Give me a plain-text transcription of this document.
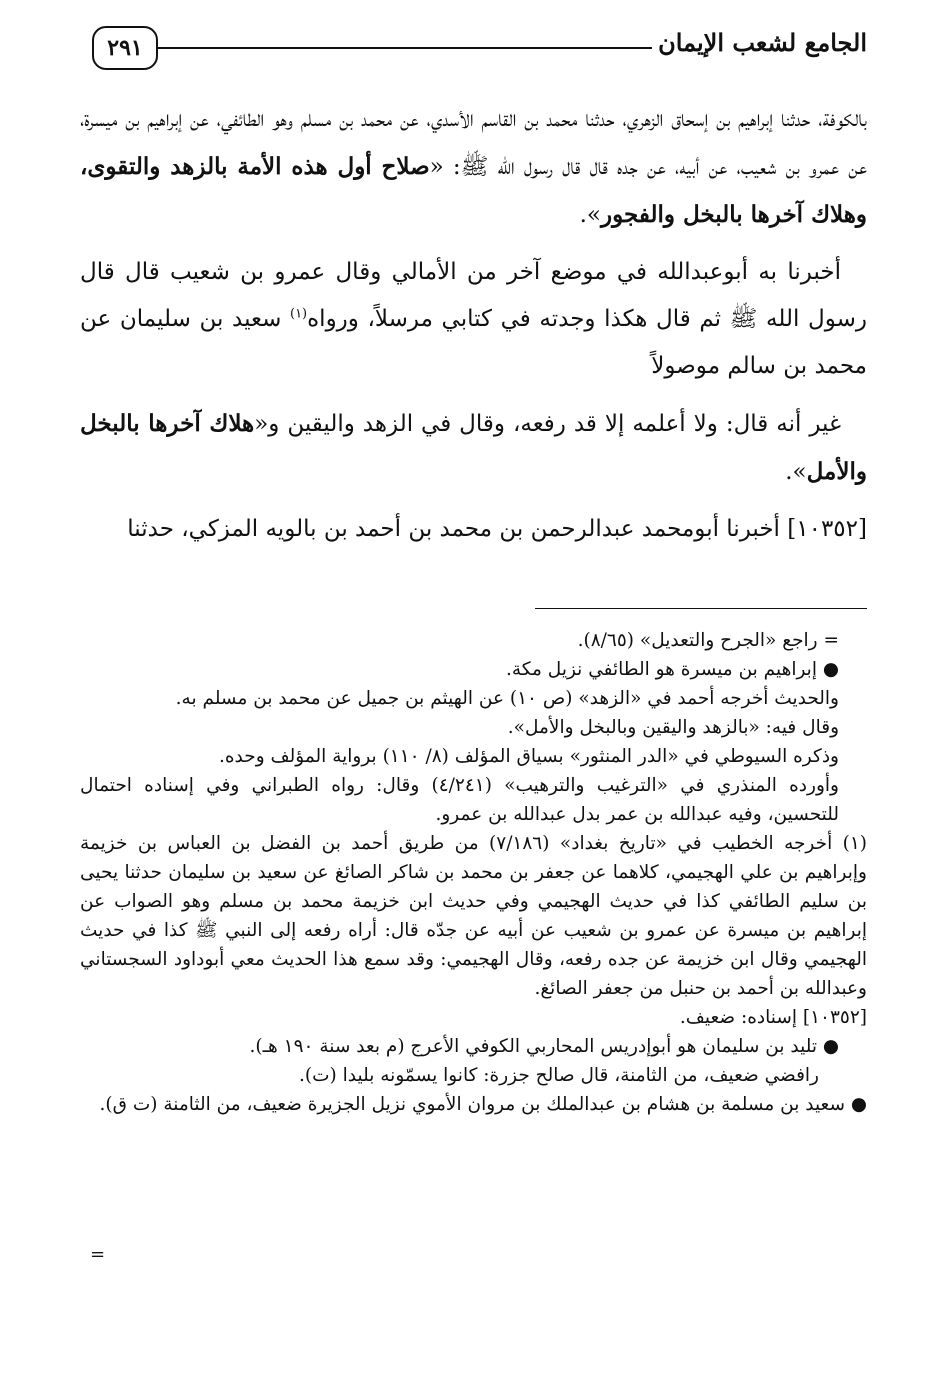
٢٩١	الجامع لشعب الإيمان

بالكوفة، حدثنا إبراهيم بن إسحاق الزهري، حدثنا محمد بن القاسم الأسدي، عن محمد بن مسلم وهو الطائفي، عن إبراهيم بن ميسرة، عن عمرو بن شعيب، عن أبيه، عن جده قال قال رسول الله ﷺ: «صلاح أول هذه الأمة بالزهد والتقوى، وهلاك آخرها بالبخل والفجور».

أخبرنا به أبوعبدالله في موضع آخر من الأمالي وقال عمرو بن شعيب قال قال رسول الله ﷺ ثم قال هكذا وجدته في كتابي مرسلاً، ورواه$^{(١)}$ سعيد بن سليمان عن محمد بن سالم موصولاً

غير أنه قال: ولا أعلمه إلا قد رفعه، وقال في الزهد واليقين و«هلاك آخرها بالبخل والأمل».

[١٠٣٥٢] أخبرنا أبومحمد عبدالرحمن بن محمد بن أحمد بن بالويه المزكي، حدثنا

= راجع «الجرح والتعديل» (٨/٦٥).

● إبراهيم بن ميسرة هو الطائفي نزيل مكة.

والحديث أخرجه أحمد في «الزهد» (ص ١٠) عن الهيثم بن جميل عن محمد بن مسلم به.

وقال فيه: «بالزهد واليقين وبالبخل والأمل».

وذكره السيوطي في «الدر المنثور» بسياق المؤلف (٨/ ١١٠) برواية المؤلف وحده.

وأورده المنذري في «الترغيب والترهيب» (٤/٢٤١) وقال: رواه الطبراني وفي إسناده احتمال للتحسين، وفيه عبدالله بن عمر بدل عبدالله بن عمرو.

(١) أخرجه الخطيب في «تاريخ بغداد» (٧/١٨٦) من طريق أحمد بن الفضل بن العباس بن خزيمة وإبراهيم بن علي الهجيمي، كلاهما عن جعفر بن محمد بن شاكر الصائغ عن سعيد بن سليمان حدثنا يحيى بن سليم الطائفي كذا في حديث الهجيمي وفي حديث ابن خزيمة محمد بن مسلم وهو الصواب عن إبراهيم بن ميسرة عن عمرو بن شعيب عن أبيه عن جدّه قال: أراه رفعه إلى النبي ﷺ كذا في حديث الهجيمي وقال ابن خزيمة عن جده رفعه، وقال الهجيمي: وقد سمع هذا الحديث معي أبوداود السجستاني وعبدالله بن أحمد بن حنبل من جعفر الصائغ.

[١٠٣٥٢] إسناده: ضعيف.

● تليد بن سليمان هو أبوإدريس المحاربي الكوفي الأعرج (م بعد سنة ١٩٠ هـ).

رافضي ضعيف، من الثامنة، قال صالح جزرة: كانوا يسمّونه بليدا (ت).

● سعيد بن مسلمة بن هشام بن عبدالملك بن مروان الأموي نزيل الجزيرة ضعيف، من الثامنة (ت ق).

=
